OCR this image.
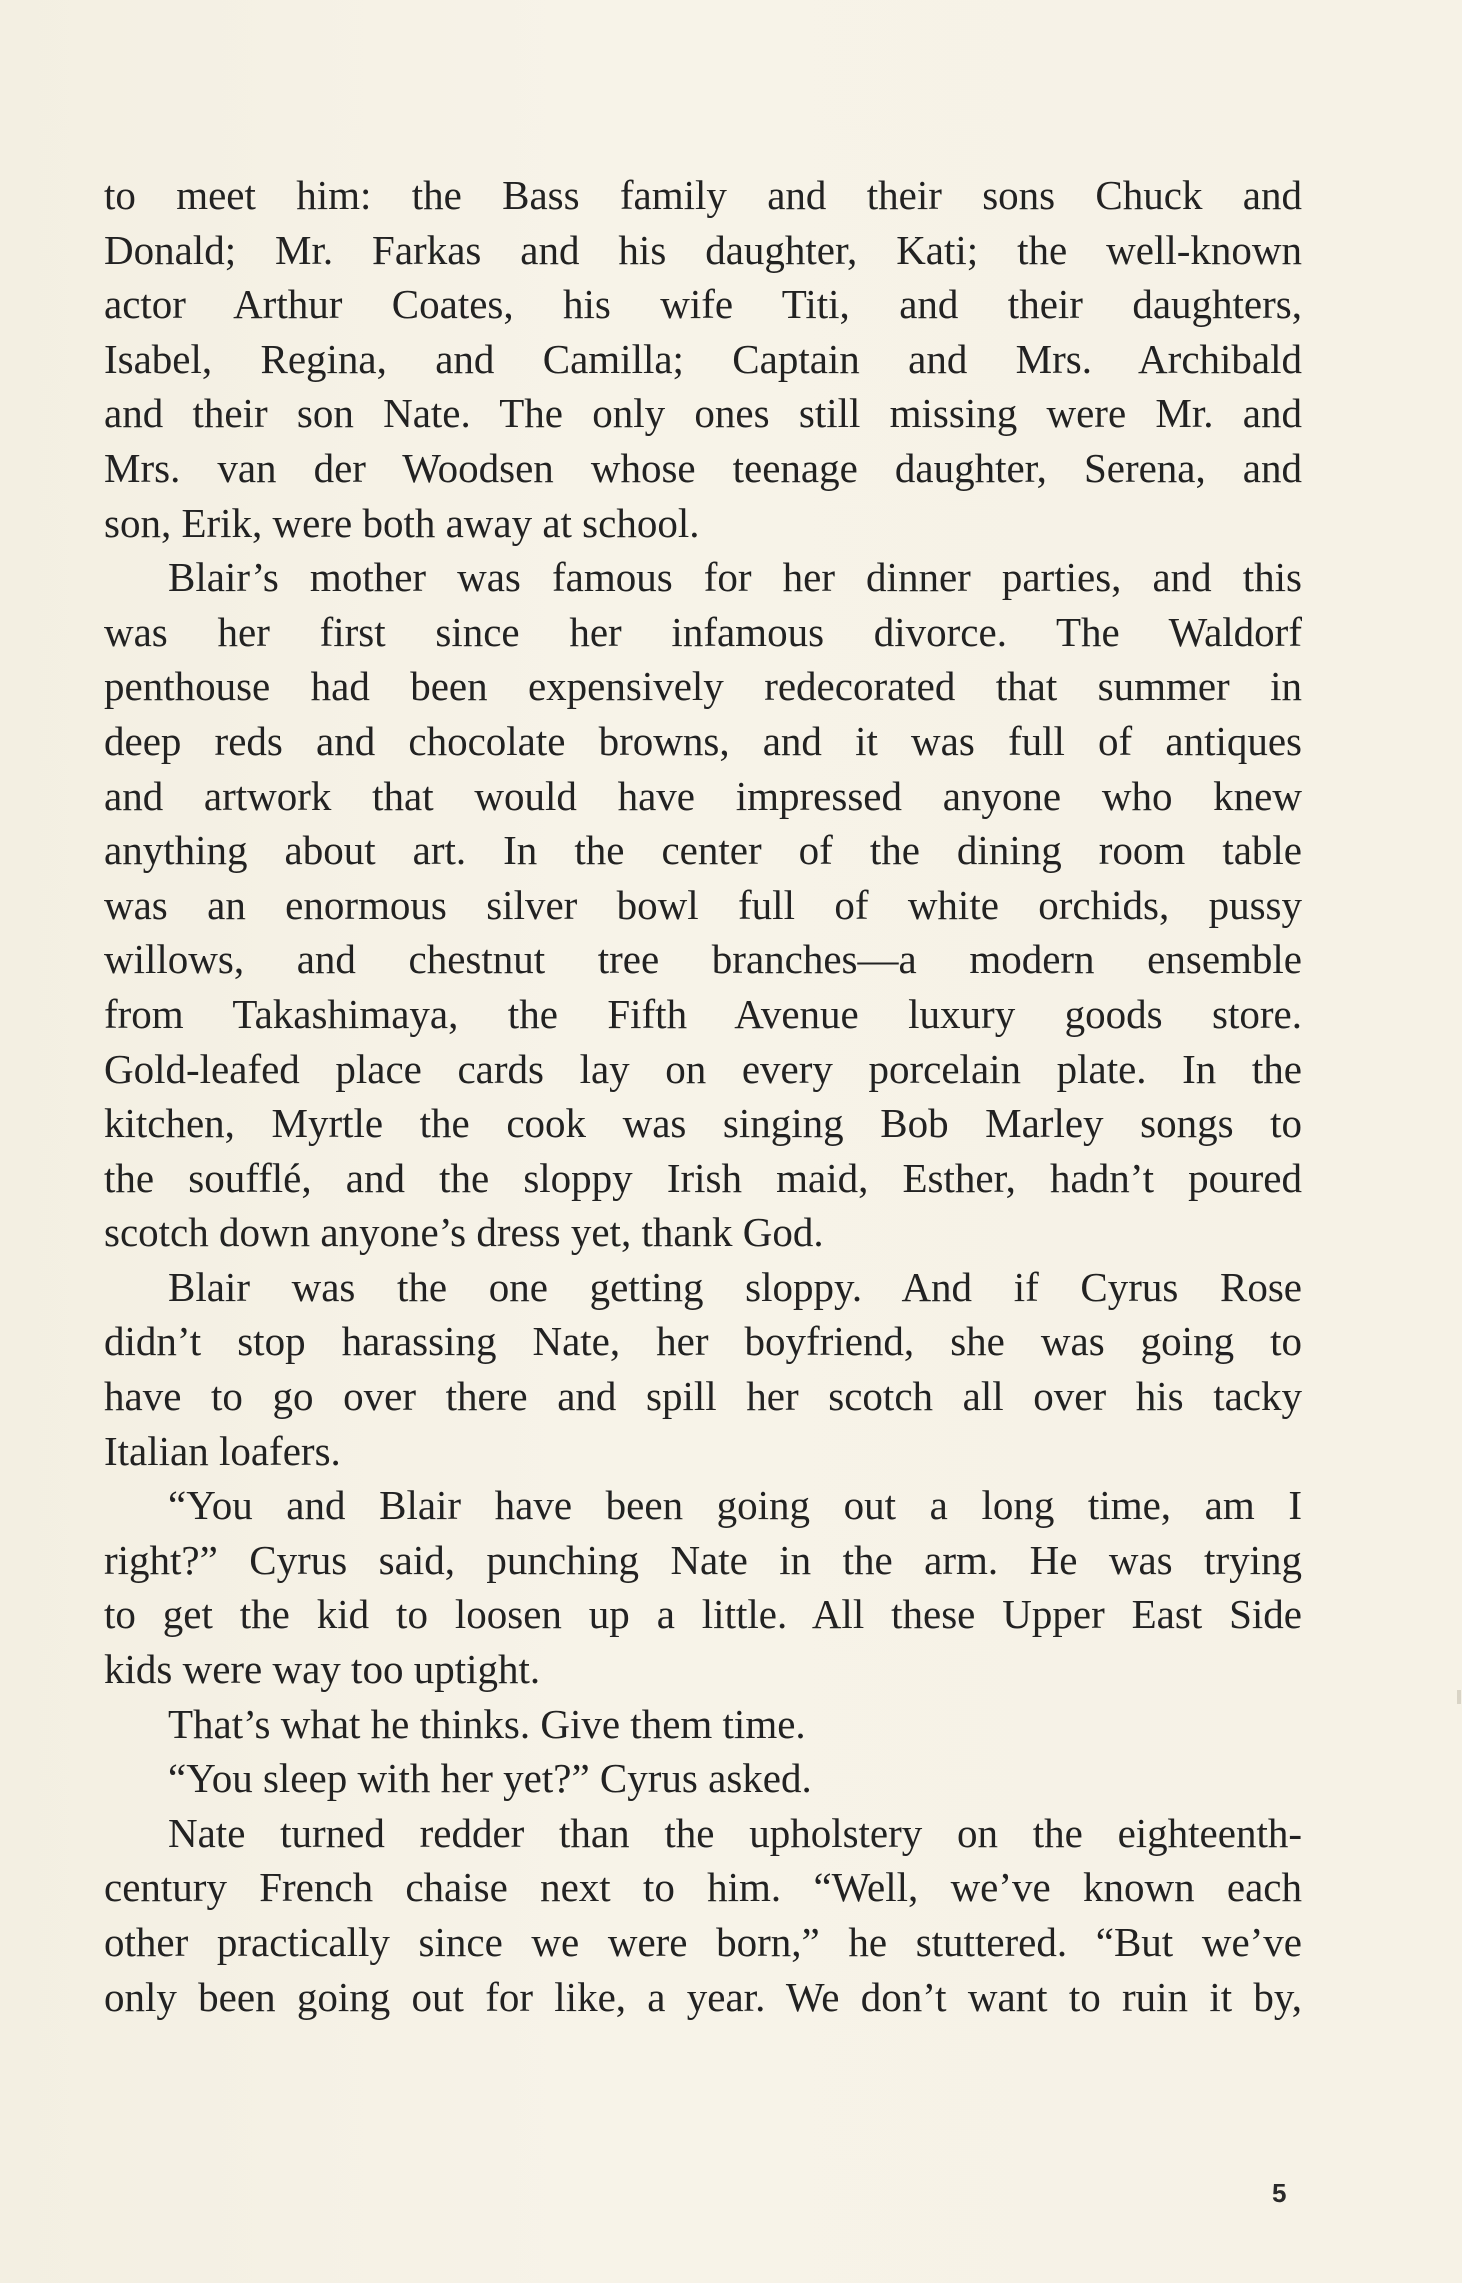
to meet him: the Bass family and their sons Chuck and
Donald; Mr. Farkas and his daughter, Kati; the well-known
actor Arthur Coates, his wife Titi, and their daughters,
Isabel, Regina, and Camilla; Captain and Mrs. Archibald
and their son Nate. The only ones still missing were Mr. and
Mrs. van der Woodsen whose teenage daughter, Serena, and
son, Erik, were both away at school.
Blair’s mother was famous for her dinner parties, and this
was her first since her infamous divorce. The Waldorf
penthouse had been expensively redecorated that summer in
deep reds and chocolate browns, and it was full of antiques
and artwork that would have impressed anyone who knew
anything about art. In the center of the dining room table
was an enormous silver bowl full of white orchids, pussy
willows, and chestnut tree branches—a modern ensemble
from Takashimaya, the Fifth Avenue luxury goods store.
Gold-leafed place cards lay on every porcelain plate. In the
kitchen, Myrtle the cook was singing Bob Marley songs to
the soufflé, and the sloppy Irish maid, Esther, hadn’t poured
scotch down anyone’s dress yet, thank God.
Blair was the one getting sloppy. And if Cyrus Rose
didn’t stop harassing Nate, her boyfriend, she was going to
have to go over there and spill her scotch all over his tacky
Italian loafers.
“You and Blair have been going out a long time, am I
right?” Cyrus said, punching Nate in the arm. He was trying
to get the kid to loosen up a little. All these Upper East Side
kids were way too uptight.
That’s what he thinks. Give them time.
“You sleep with her yet?” Cyrus asked.
Nate turned redder than the upholstery on the eighteenth-
century French chaise next to him. “Well, we’ve known each
other practically since we were born,” he stuttered. “But we’ve
only been going out for like, a year. We don’t want to ruin it by,
5
